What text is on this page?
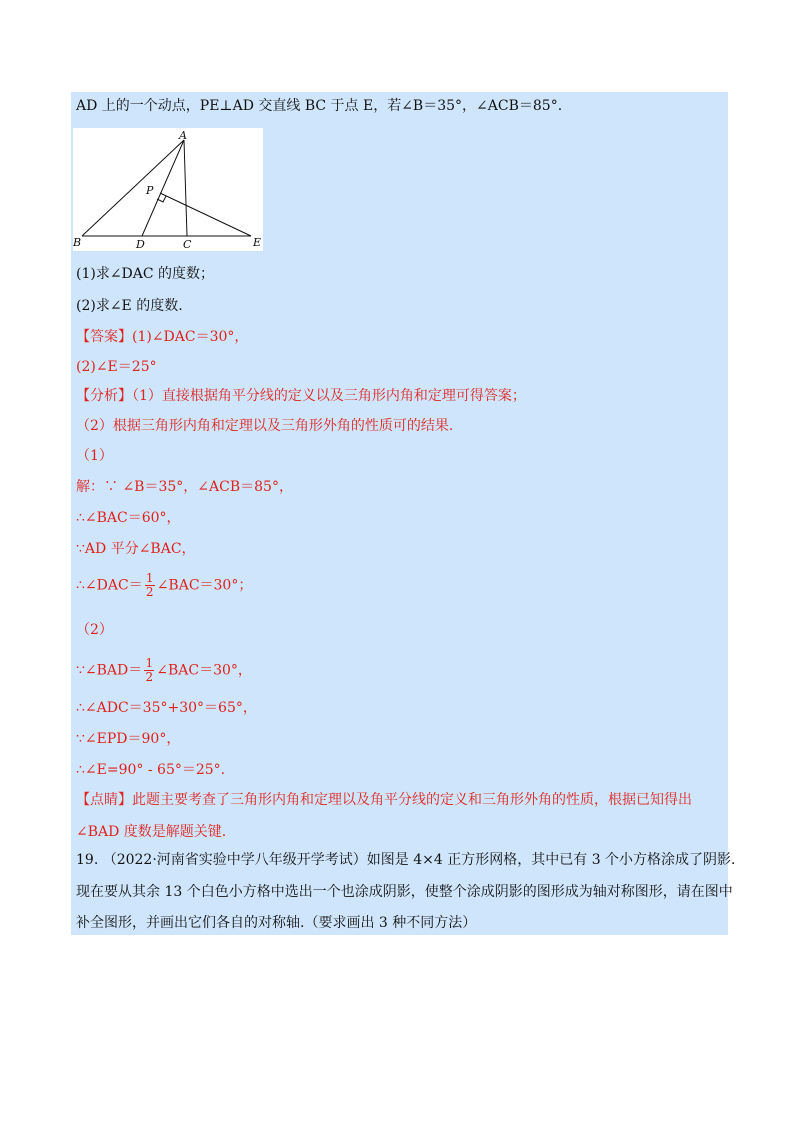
AD 上的一个动点，PE⊥AD 交直线 BC 于点 E，若∠B＝35°，∠ACB＝85°.
A
B	C
D	E
P
(1)求∠DAC 的度数；
(2)求∠E 的度数.
【答案】(1)∠DAC＝30°，
(2)∠E＝25°
【分析】（1）直接根据角平分线的定义以及三角形内角和定理可得答案；
（2）根据三角形内角和定理以及三角形外角的性质可的结果.
（1）
解：∵ ∠B＝35°，∠ACB＝85°，
∴∠BAC＝60°，
∵AD 平分∠BAC，
∴∠DAC＝ $\frac{1}{2}$ ∠BAC＝30°；
（2）
∵∠BAD＝ $\frac{1}{2}$ ∠BAC＝30°，
∴∠ADC＝35°+30°＝65°，
∵∠EPD＝90°，
∴∠E=90° - 65°＝25°.
【点睛】此题主要考查了三角形内角和定理以及角平分线的定义和三角形外角的性质，根据已知得出
∠BAD 度数是解题关键.
19. （2022·河南省实验中学八年级开学考试）如图是 4×4 正方形网格，其中已有 3 个小方格涂成了阴影.
现在要从其余 13 个白色小方格中选出一个也涂成阴影，使整个涂成阴影的图形成为轴对称图形，请在图中
补全图形，并画出它们各自的对称轴.（要求画出 3 种不同方法）
